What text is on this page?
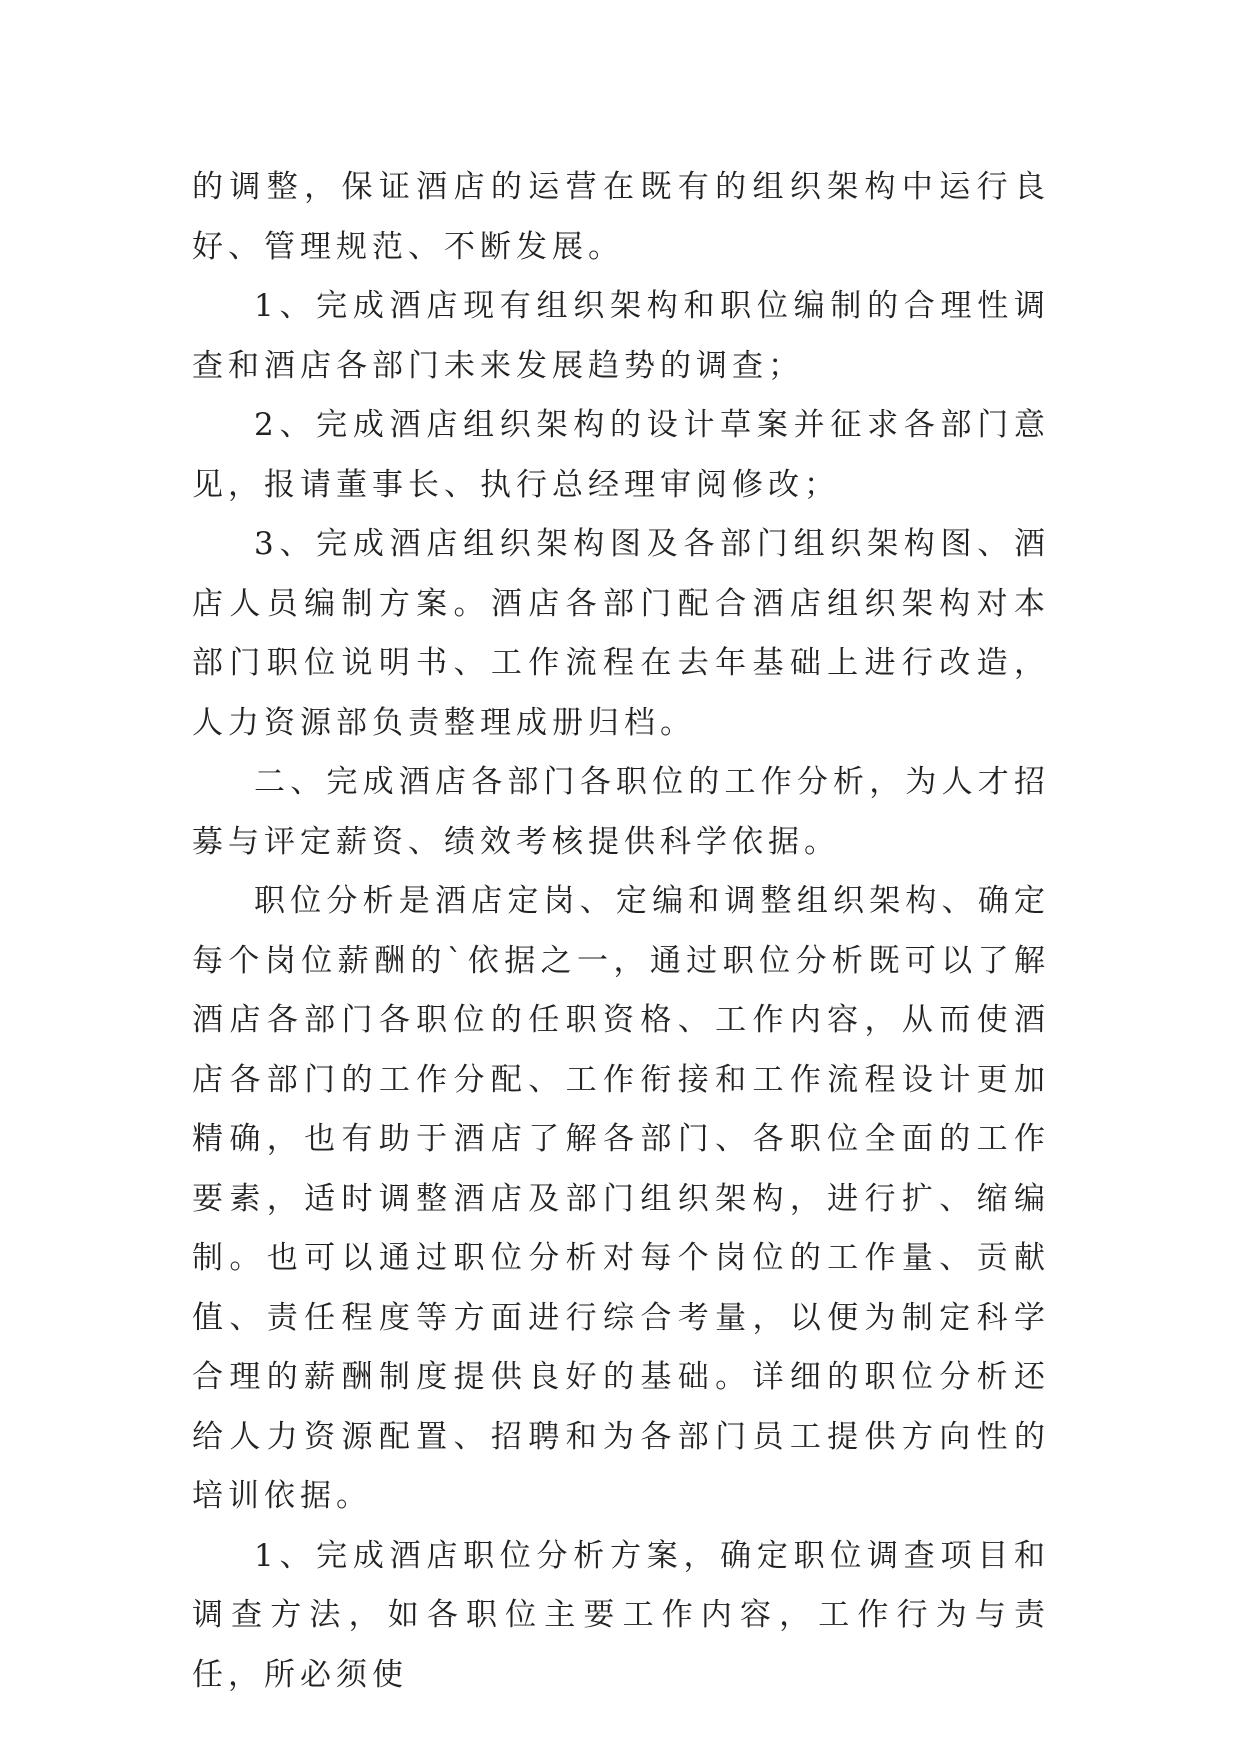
的调整，保证酒店的运营在既有的组织架构中运行良好、管理规范、不断发展。

1、完成酒店现有组织架构和职位编制的合理性调查和酒店各部门未来发展趋势的调查；

2、完成酒店组织架构的设计草案并征求各部门意见，报请董事长、执行总经理审阅修改；

3、完成酒店组织架构图及各部门组织架构图、酒店人员编制方案。酒店各部门配合酒店组织架构对本部门职位说明书、工作流程在去年基础上进行改造，人力资源部负责整理成册归档。

二、完成酒店各部门各职位的工作分析，为人才招募与评定薪资、绩效考核提供科学依据。

职位分析是酒店定岗、定编和调整组织架构、确定每个岗位薪酬的`依据之一，通过职位分析既可以了解酒店各部门各职位的任职资格、工作内容，从而使酒店各部门的工作分配、工作衔接和工作流程设计更加精确，也有助于酒店了解各部门、各职位全面的工作要素，适时调整酒店及部门组织架构，进行扩、缩编制。也可以通过职位分析对每个岗位的工作量、贡献值、责任程度等方面进行综合考量，以便为制定科学合理的薪酬制度提供良好的基础。详细的职位分析还给人力资源配置、招聘和为各部门员工提供方向性的培训依据。

1、完成酒店职位分析方案，确定职位调查项目和调查方法，如各职位主要工作内容，工作行为与责任，所必须使
